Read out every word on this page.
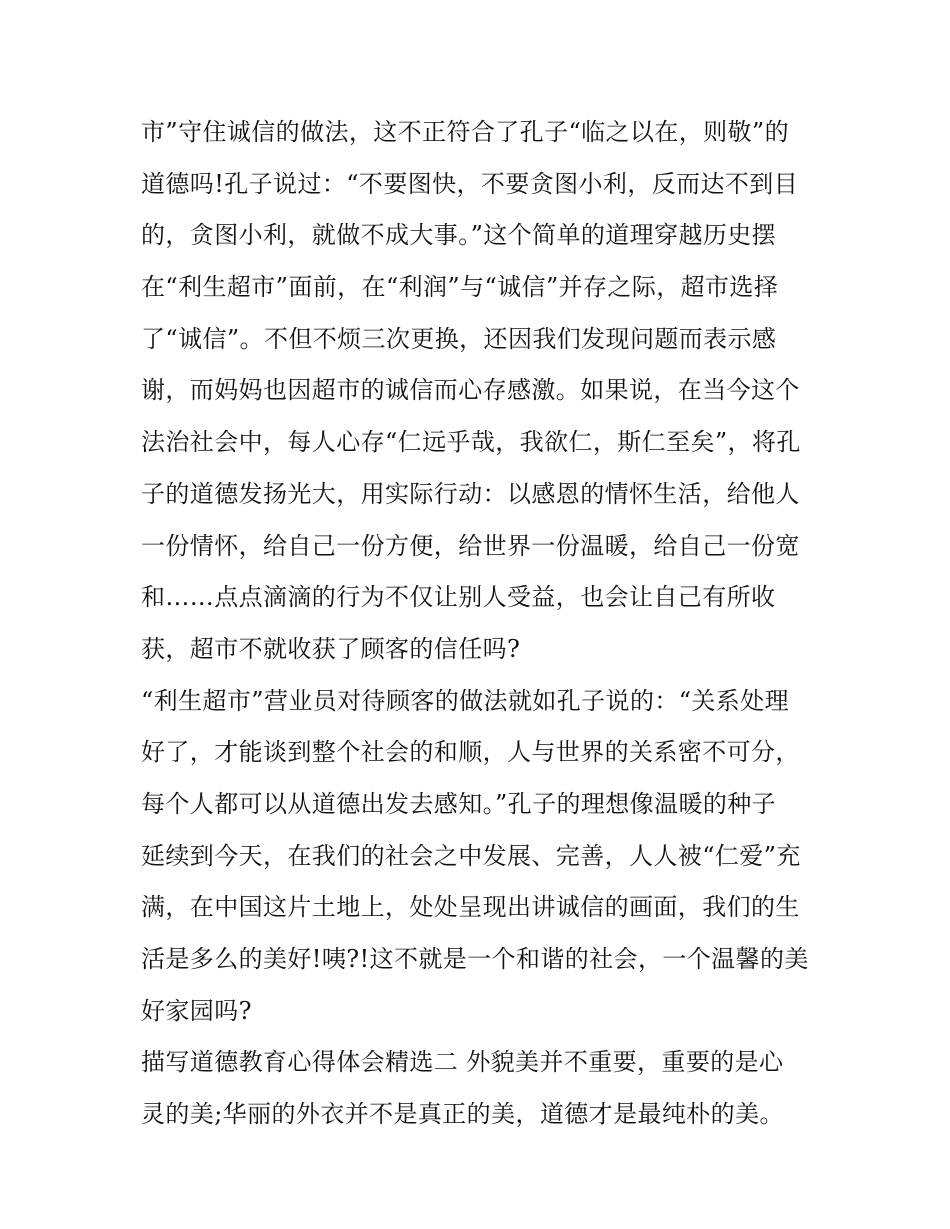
市”守住诚信的做法，这不正符合了孔子“临之以在，则敬”的
道德吗!孔子说过：“不要图快，不要贪图小利，反而达不到目
的，贪图小利，就做不成大事。”这个简单的道理穿越历史摆
在“利生超市”面前，在“利润”与“诚信”并存之际，超市选择
了“诚信”。不但不烦三次更换，还因我们发现问题而表示感
谢，而妈妈也因超市的诚信而心存感激。如果说，在当今这个
法治社会中，每人心存“仁远乎哉，我欲仁，斯仁至矣”，将孔
子的道德发扬光大，用实际行动：以感恩的情怀生活，给他人
一份情怀，给自己一份方便，给世界一份温暖，给自己一份宽
和……点点滴滴的行为不仅让别人受益，也会让自己有所收
获，超市不就收获了顾客的信任吗?
“利生超市”营业员对待顾客的做法就如孔子说的：“关系处理
好了，才能谈到整个社会的和顺，人与世界的关系密不可分，
每个人都可以从道德出发去感知。”孔子的理想像温暖的种子
延续到今天，在我们的社会之中发展、完善，人人被“仁爱”充
满，在中国这片土地上，处处呈现出讲诚信的画面，我们的生
活是多么的美好!咦?!这不就是一个和谐的社会，一个温馨的美
好家园吗?
描写道德教育心得体会精选二 外貌美并不重要，重要的是心
灵的美;华丽的外衣并不是真正的美，道德才是最纯朴的美。
